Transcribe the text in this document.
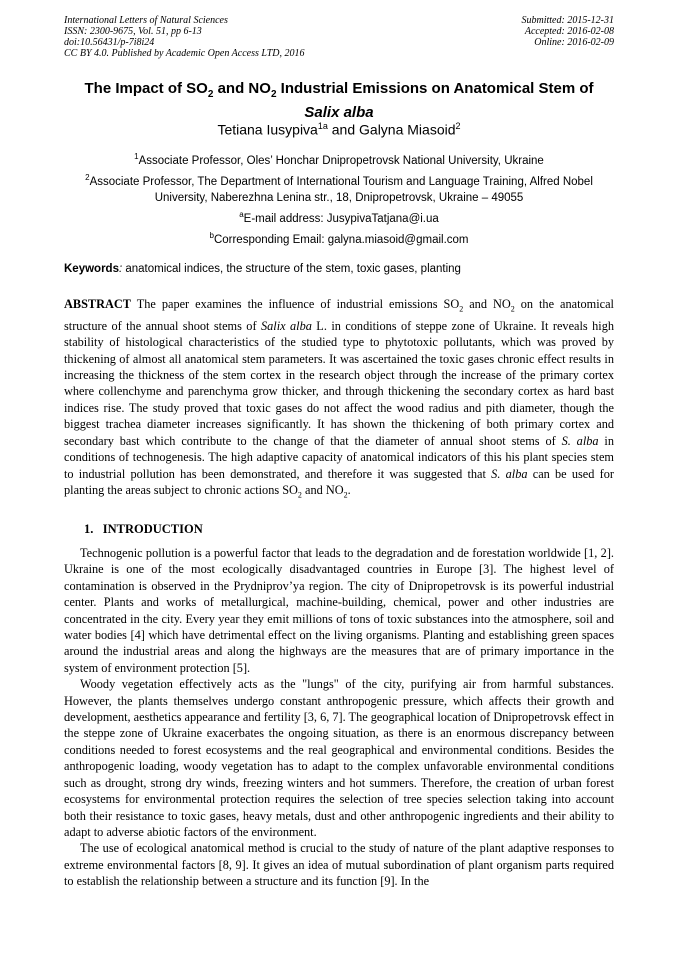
International Letters of Natural Sciences
ISSN: 2300-9675, Vol. 51, pp 6-13
doi:10.56431/p-7i8i24
CC BY 4.0. Published by Academic Open Access LTD, 2016
Submitted: 2015-12-31
Accepted: 2016-02-08
Online: 2016-02-09
The Impact of $SO_2$ and $NO_2$ Industrial Emissions on Anatomical Stem of
Salix alba
Tetiana Iusypiva$^{1a}$ and Galyna Miasoid$^2$
$^1$Associate Professor, Oles’ Honchar Dnipropetrovsk National University, Ukraine
$^2$Associate Professor, The Department of International Tourism and Language Training, Alfred Nobel University, Naberezhna Lenina str., 18, Dnipropetrovsk, Ukraine – 49055
$^a$E-mail address: JusypivaTatjana@i.ua
$^b$Corresponding Email: galyna.miasoid@gmail.com
Keywords: anatomical indices, the structure of the stem, toxic gases, planting
ABSTRACT The paper examines the influence of industrial emissions $SO_2$ and $NO_2$ on the anatomical structure of the annual shoot stems of Salix alba L. in conditions of steppe zone of Ukraine. It reveals high stability of histological characteristics of the studied type to phytotoxic pollutants, which was proved by thickening of almost all anatomical stem parameters. It was ascertained the toxic gases chronic effect results in increasing the thickness of the stem cortex in the research object through the increase of the primary cortex where collenchyme and parenchyma grow thicker, and through thickening the secondary cortex as hard bast indices rise. The study proved that toxic gases do not affect the wood radius and pith diameter, though the biggest trachea diameter increases significantly. It has shown the thickening of both primary cortex and secondary bast which contribute to the change of that the diameter of annual shoot stems of S. alba in conditions of technogenesis. The high adaptive capacity of anatomical indicators of this his plant species stem to industrial pollution has been demonstrated, and therefore it was suggested that S. alba can be used for planting the areas subject to chronic actions $SO_2$ and $NO_2$.
1.   INTRODUCTION

Technogenic pollution is a powerful factor that leads to the degradation and de forestation worldwide [1, 2]. Ukraine is one of the most ecologically disadvantaged countries in Europe [3]. The highest level of contamination is observed in the Prydniprov’ya region. The city of Dnipropetrovsk is its powerful industrial center. Plants and works of metallurgical, machine-building, chemical, power and other industries are concentrated in the city. Every year they emit millions of tons of toxic substances into the atmosphere, soil and water bodies [4] which have detrimental effect on the living organisms. Planting and establishing green spaces around the industrial areas and along the highways are the measures that are of primary importance in the system of environment protection [5].

Woody vegetation effectively acts as the "lungs" of the city, purifying air from harmful substances. However, the plants themselves undergo constant anthropogenic pressure, which affects their growth and development, aesthetics appearance and fertility [3, 6, 7]. The geographical location of Dnipropetrovsk effect in the steppe zone of Ukraine exacerbates the ongoing situation, as there is an enormous discrepancy between conditions needed to forest ecosystems and the real geographical and environmental conditions. Besides the anthropogenic loading, woody vegetation has to adapt to the complex unfavorable environmental conditions such as drought, strong dry winds, freezing winters and hot summers. Therefore, the creation of urban forest ecosystems for environmental protection requires the selection of tree species selection taking into account both their resistance to toxic gases, heavy metals, dust and other anthropogenic ingredients and their ability to adapt to adverse abiotic factors of the environment.

The use of ecological anatomical method is crucial to the study of nature of the plant adaptive responses to extreme environmental factors [8, 9]. It gives an idea of mutual subordination of plant organism parts required to establish the relationship between a structure and its function [9]. In the
